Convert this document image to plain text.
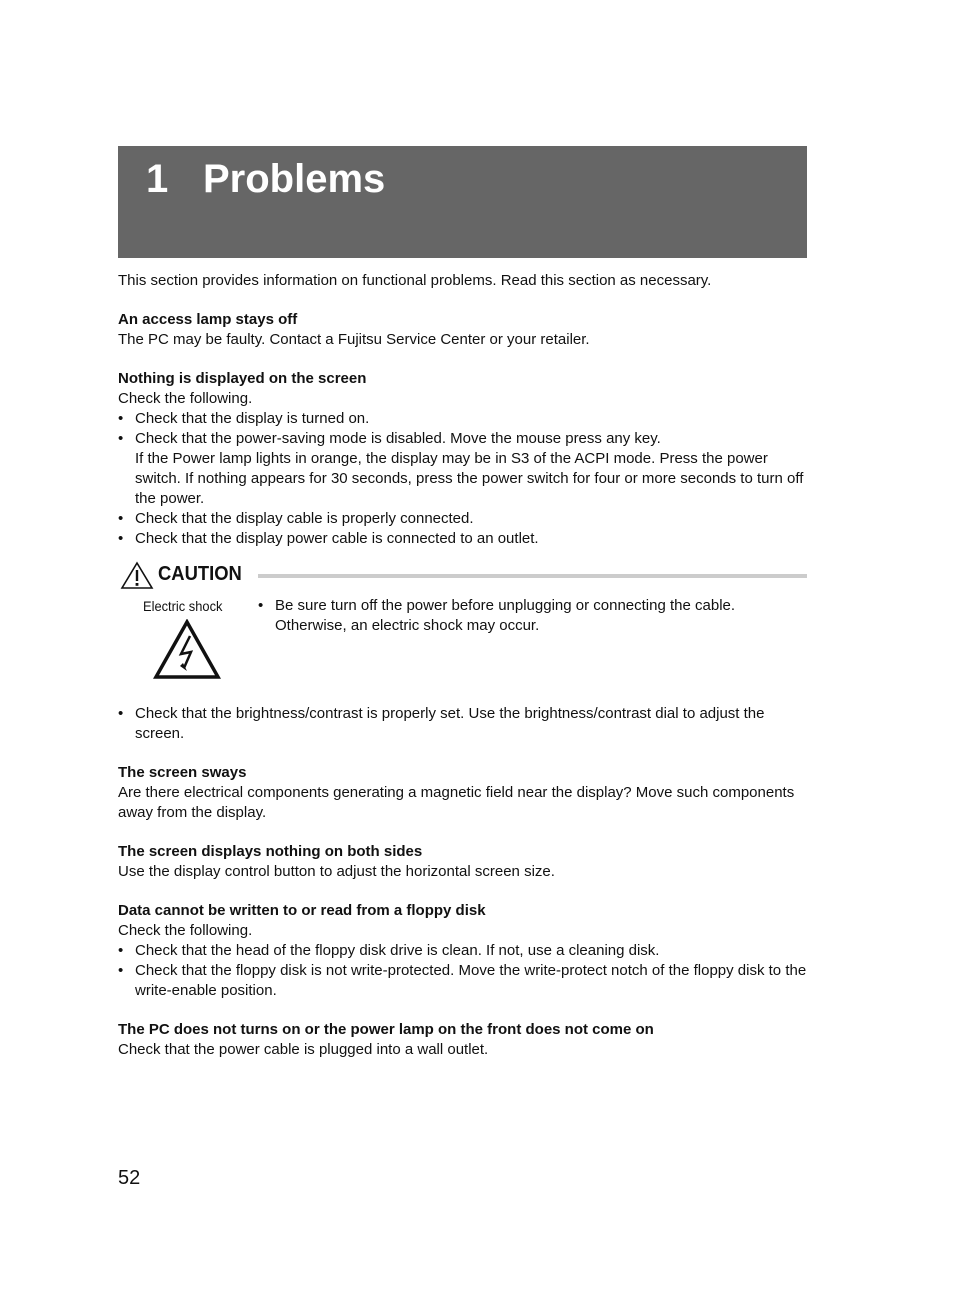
1 Problems

This section provides information on functional problems. Read this section as necessary.

An access lamp stays off

The PC may be faulty. Contact a Fujitsu Service Center or your retailer.

Nothing is displayed on the screen

Check the following.

• Check that the display is turned on.
• Check that the power-saving mode is disabled. Move the mouse press any key.
If the Power lamp lights in orange, the display may be in S3 of the ACPI mode. Press the power switch. If nothing appears for 30 seconds, press the power switch for four or more seconds to turn off the power.
• Check that the display cable is properly connected.
• Check that the display power cable is connected to an outlet.
CAUTION
Electric shock • Be sure turn off the power before unplugging or connecting the cable. Otherwise, an electric shock may occur.
• Check that the brightness/contrast is properly set. Use the brightness/contrast dial to adjust the screen.
The screen sways

Are there electrical components generating a magnetic field near the display? Move such components away from the display.

The screen displays nothing on both sides

Use the display control button to adjust the horizontal screen size.

Data cannot be written to or read from a floppy disk

Check the following.

• Check that the head of the floppy disk drive is clean. If not, use a cleaning disk.
• Check that the floppy disk is not write-protected. Move the write-protect notch of the floppy disk to the write-enable position.
The PC does not turns on or the power lamp on the front does not come on

Check that the power cable is plugged into a wall outlet.

52
